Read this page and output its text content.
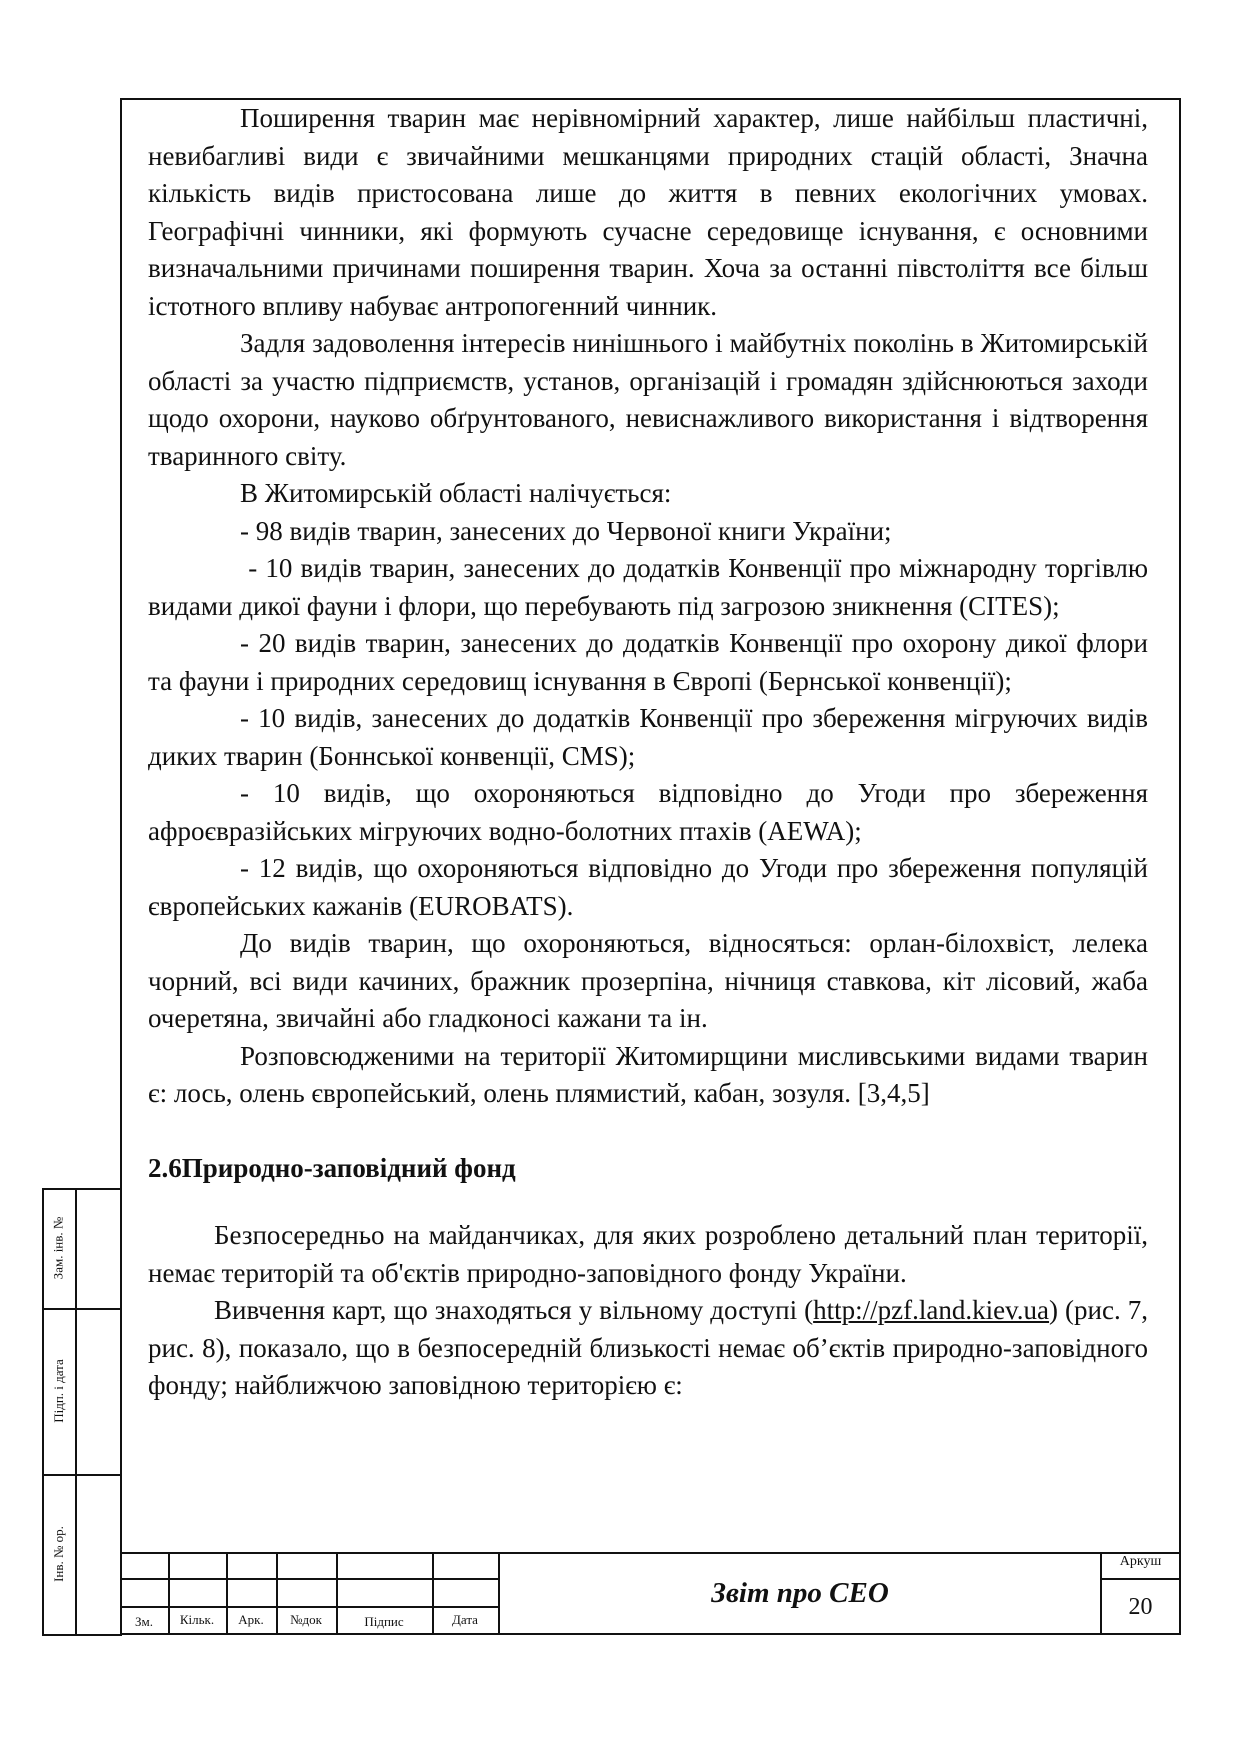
Поширення тварин має нерівномірний характер, лише найбільш пластичні, невибагливі види є звичайними мешканцями природних стацій області, Значна кількість видів пристосована лише до життя в певних екологічних умовах. Географічні чинники, які формують сучасне середовище існування, є основними визначальними причинами поширення тварин. Хоча за останні півстоліття все більш істотного впливу набуває антропогенний чинник.

Задля задоволення інтересів нинішнього і майбутніх поколінь в Житомирській області за участю підприємств, установ, організацій і громадян здійснюються заходи щодо охорони, науково обґрунтованого, невиснажливого використання і відтворення тваринного світу.

В Житомирській області налічується:

- 98 видів тварин, занесених до Червоної книги України;

- 10 видів тварин, занесених до додатків Конвенції про міжнародну торгівлю видами дикої фауни і флори, що перебувають під загрозою зникнення (CITES);

- 20 видів тварин, занесених до додатків Конвенції про охорону дикої флори та фауни і природних середовищ існування в Європі (Бернської конвенції);

- 10 видів, занесених до додатків Конвенції про збереження мігруючих видів диких тварин (Боннської конвенції, CMS);

- 10 видів, що охороняються відповідно до Угоди про збереження афроєвразійських мігруючих водно-болотних птахів (AEWA);

- 12 видів, що охороняються відповідно до Угоди про збереження популяцій європейських кажанів (EUROBATS).

До видів тварин, що охороняються, відносяться: орлан-білохвіст, лелека чорний, всі види качиних, бражник прозерпіна, нічниця ставкова, кіт лісовий, жаба очеретяна, звичайні або гладконосі кажани та ін.

Розповсюдженими на території Житомирщини мисливськими видами тварин є: лось, олень європейський, олень плямистий, кабан, зозуля. [3,4,5]

2.6Природно-заповідний фонд

Безпосередньо на майданчиках, для яких розроблено детальний план території, немає територій та об'єктів природно-заповідного фонду України.

Вивчення карт, що знаходяться у вільному доступі (http://pzf.land.kiev.ua) (рис. 7, рис. 8), показало, що в безпосередній близькості немає об’єктів природно-заповідного фонду; найближчою заповідною територією є:

Зам. інв. №
Підп. і дата
Інв. № ор.
Зм.	Кільк.	Арк.	№док	Підпис	Дата
Звіт про СЕО
Аркуш
20
